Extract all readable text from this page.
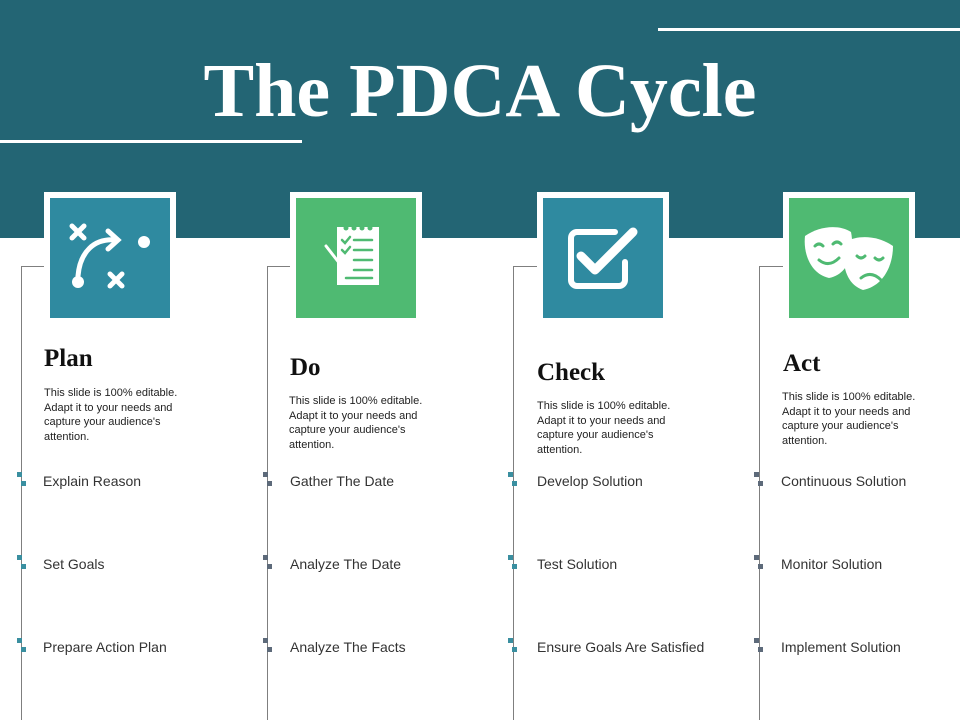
The PDCA Cycle
Plan
This slide is 100% editable. Adapt it to your needs and capture your audience's attention.
Explain Reason
Set Goals
Prepare Action Plan
Do
This slide is 100% editable. Adapt it to your needs and capture your audience's attention.
Gather The Date
Analyze The Date
Analyze The Facts
Check
This slide is 100% editable. Adapt it to your needs and capture your audience's attention.
Develop Solution
Test Solution
Ensure Goals Are Satisfied
Act
This slide is 100% editable. Adapt it to your needs and capture your audience's attention.
Continuous Solution
Monitor Solution
Implement Solution
